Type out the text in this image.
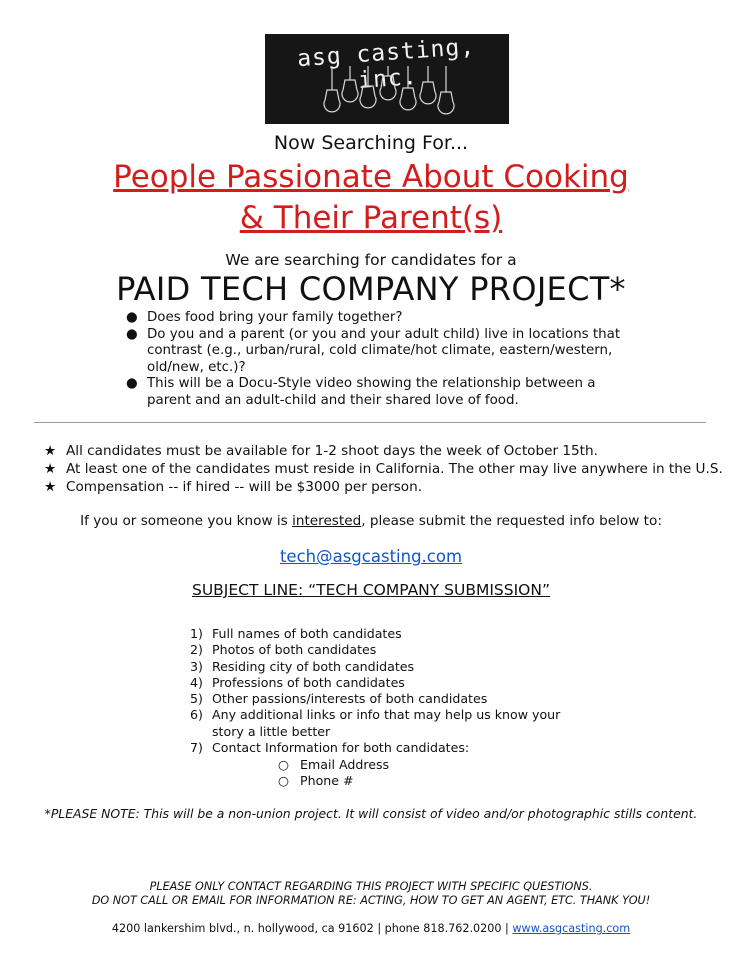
asg casting, inc.
Now Searching For...
People Passionate About Cooking
& Their Parent(s)
We are searching for candidates for a
PAID TECH COMPANY PROJECT*
● Does food bring your family together?
● Do you and a parent (or you and your adult child) live in locations that contrast (e.g., urban/rural, cold climate/hot climate, eastern/western, old/new, etc.)?
● This will be a Docu-Style video showing the relationship between a parent and an adult-child and their shared love of food.
★ All candidates must be available for 1-2 shoot days the week of October 15th.
★ At least one of the candidates must reside in California. The other may live anywhere in the U.S.
★ Compensation -- if hired -- will be $3000 per person.
If you or someone you know is interested, please submit the requested info below to:
tech@asgcasting.com
SUBJECT LINE: “TECH COMPANY SUBMISSION”
1) Full names of both candidates
2) Photos of both candidates
3) Residing city of both candidates
4) Professions of both candidates
5) Other passions/interests of both candidates
6) Any additional links or info that may help us know your story a little better
7) Contact Information for both candidates:
○ Email Address
○ Phone #
*PLEASE NOTE: This will be a non-union project. It will consist of video and/or photographic stills content.
PLEASE ONLY CONTACT REGARDING THIS PROJECT WITH SPECIFIC QUESTIONS.
DO NOT CALL OR EMAIL FOR INFORMATION RE: ACTING, HOW TO GET AN AGENT, ETC. THANK YOU!
4200 lankershim blvd., n. hollywood, ca 91602 | phone 818.762.0200 | www.asgcasting.com
